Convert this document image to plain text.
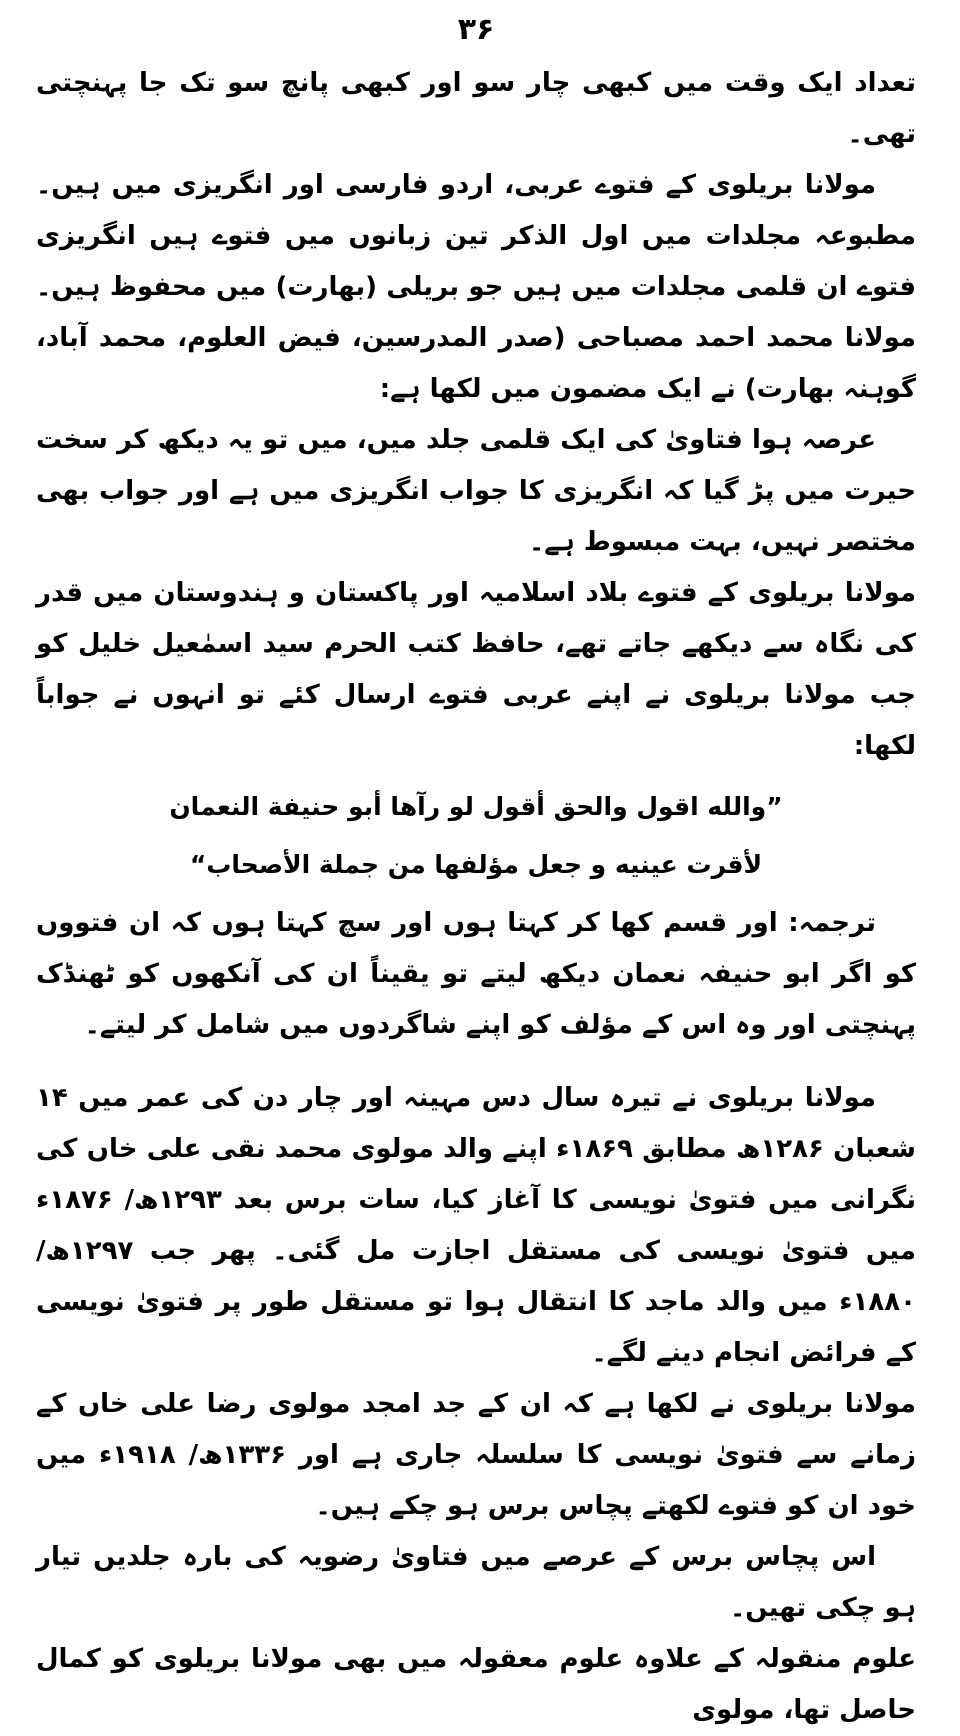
۳۶

تعداد ایک وقت میں کبھی چار سو اور کبھی پانچ سو تک جا پہنچتی تھی۔

مولانا بریلوی کے فتوے عربی، اردو فارسی اور انگریزی میں ہیں۔ مطبوعہ مجلدات میں اول الذکر تین زبانوں میں فتوے ہیں انگریزی فتوے ان قلمی مجلدات میں ہیں جو بریلی (بھارت) میں محفوظ ہیں۔ مولانا محمد احمد مصباحی (صدر المدرسین، فیض العلوم، محمد آباد، گوہنہ بھارت) نے ایک مضمون میں لکھا ہے:

عرصہ ہوا فتاویٰ کی ایک قلمی جلد میں، میں تو یہ دیکھ کر سخت حیرت میں پڑ گیا کہ انگریزی کا جواب انگریزی میں ہے اور جواب بھی مختصر نہیں، بہت مبسوط ہے۔

مولانا بریلوی کے فتوے بلاد اسلامیہ اور پاکستان و ہندوستان میں قدر کی نگاہ سے دیکھے جاتے تھے، حافظ کتب الحرم سید اسمٰعیل خلیل کو جب مولانا بریلوی نے اپنے عربی فتوے ارسال کئے تو انہوں نے جواباً لکھا:

”والله اقول والحق أقول لو رآها أبو حنيفة النعمان

لأقرت عينيه و جعل مؤلفها من جملة الأصحاب“

ترجمہ: اور قسم کھا کر کہتا ہوں اور سچ کہتا ہوں کہ ان فتووں کو اگر ابو حنیفہ نعمان دیکھ لیتے تو یقیناً ان کی آنکھوں کو ٹھنڈک پہنچتی اور وہ اس کے مؤلف کو اپنے شاگردوں میں شامل کر لیتے۔

مولانا بریلوی نے تیرہ سال دس مہینہ اور چار دن کی عمر میں ۱۴ شعبان ۱۲۸۶ھ مطابق ۱۸۶۹ء اپنے والد مولوی محمد نقی علی خاں کی نگرانی میں فتویٰ نویسی کا آغاز کیا، سات برس بعد ۱۲۹۳ھ/ ۱۸۷۶ء میں فتویٰ نویسی کی مستقل اجازت مل گئی۔ پھر جب ۱۲۹۷ھ/ ۱۸۸۰ء میں والد ماجد کا انتقال ہوا تو مستقل طور پر فتویٰ نویسی کے فرائض انجام دینے لگے۔

مولانا بریلوی نے لکھا ہے کہ ان کے جد امجد مولوی رضا علی خاں کے زمانے سے فتویٰ نویسی کا سلسلہ جاری ہے اور ۱۳۳۶ھ/ ۱۹۱۸ء میں خود ان کو فتوے لکھتے پچاس برس ہو چکے ہیں۔

اس پچاس برس کے عرصے میں فتاویٰ رضویہ کی بارہ جلدیں تیار ہو چکی تھیں۔

علوم منقولہ کے علاوہ علوم معقولہ میں بھی مولانا بریلوی کو کمال حاصل تھا، مولوی
